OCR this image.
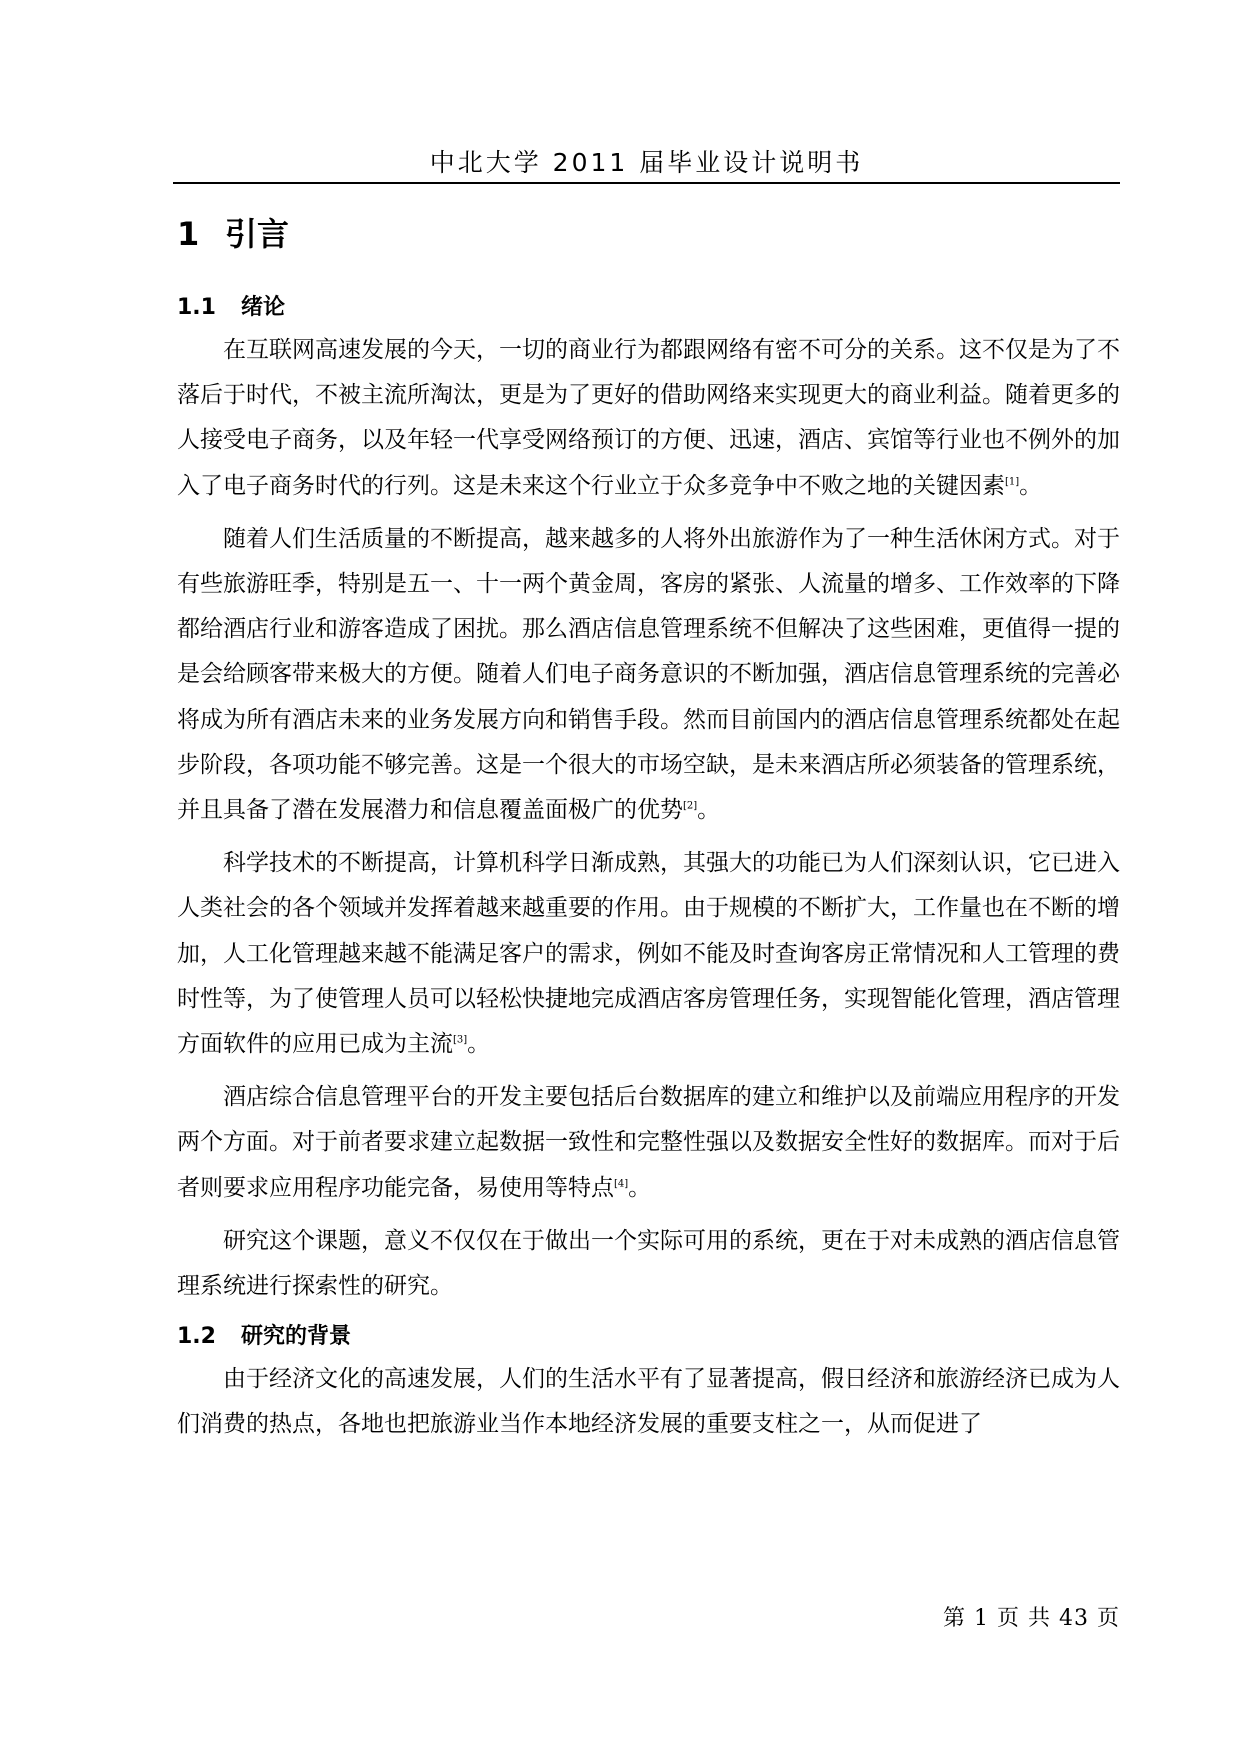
中北大学 2011 届毕业设计说明书
1 引言
1.1	绪论

在互联网高速发展的今天，一切的商业行为都跟网络有密不可分的关系。这不仅是为了不落后于时代，不被主流所淘汰，更是为了更好的借助网络来实现更大的商业利益。随着更多的人接受电子商务，以及年轻一代享受网络预订的方便、迅速，酒店、宾馆等行业也不例外的加入了电子商务时代的行列。这是未来这个行业立于众多竞争中不败之地的关键因素[1]。

随着人们生活质量的不断提高，越来越多的人将外出旅游作为了一种生活休闲方式。对于有些旅游旺季，特别是五一、十一两个黄金周，客房的紧张、人流量的增多、工作效率的下降都给酒店行业和游客造成了困扰。那么酒店信息管理系统不但解决了这些困难，更值得一提的是会给顾客带来极大的方便。随着人们电子商务意识的不断加强，酒店信息管理系统的完善必将成为所有酒店未来的业务发展方向和销售手段。然而目前国内的酒店信息管理系统都处在起步阶段，各项功能不够完善。这是一个很大的市场空缺，是未来酒店所必须装备的管理系统，并且具备了潜在发展潜力和信息覆盖面极广的优势[2]。

科学技术的不断提高，计算机科学日渐成熟，其强大的功能已为人们深刻认识，它已进入人类社会的各个领域并发挥着越来越重要的作用。由于规模的不断扩大，工作量也在不断的增加，人工化管理越来越不能满足客户的需求，例如不能及时查询客房正常情况和人工管理的费时性等，为了使管理人员可以轻松快捷地完成酒店客房管理任务，实现智能化管理，酒店管理方面软件的应用已成为主流[3]。

酒店综合信息管理平台的开发主要包括后台数据库的建立和维护以及前端应用程序的开发两个方面。对于前者要求建立起数据一致性和完整性强以及数据安全性好的数据库。而对于后者则要求应用程序功能完备，易使用等特点[4]。

研究这个课题，意义不仅仅在于做出一个实际可用的系统，更在于对未成熟的酒店信息管理系统进行探索性的研究。

1.2	研究的背景

由于经济文化的高速发展，人们的生活水平有了显著提高，假日经济和旅游经济已成为人们消费的热点，各地也把旅游业当作本地经济发展的重要支柱之一，从而促进了

第 1 页 共 43 页
